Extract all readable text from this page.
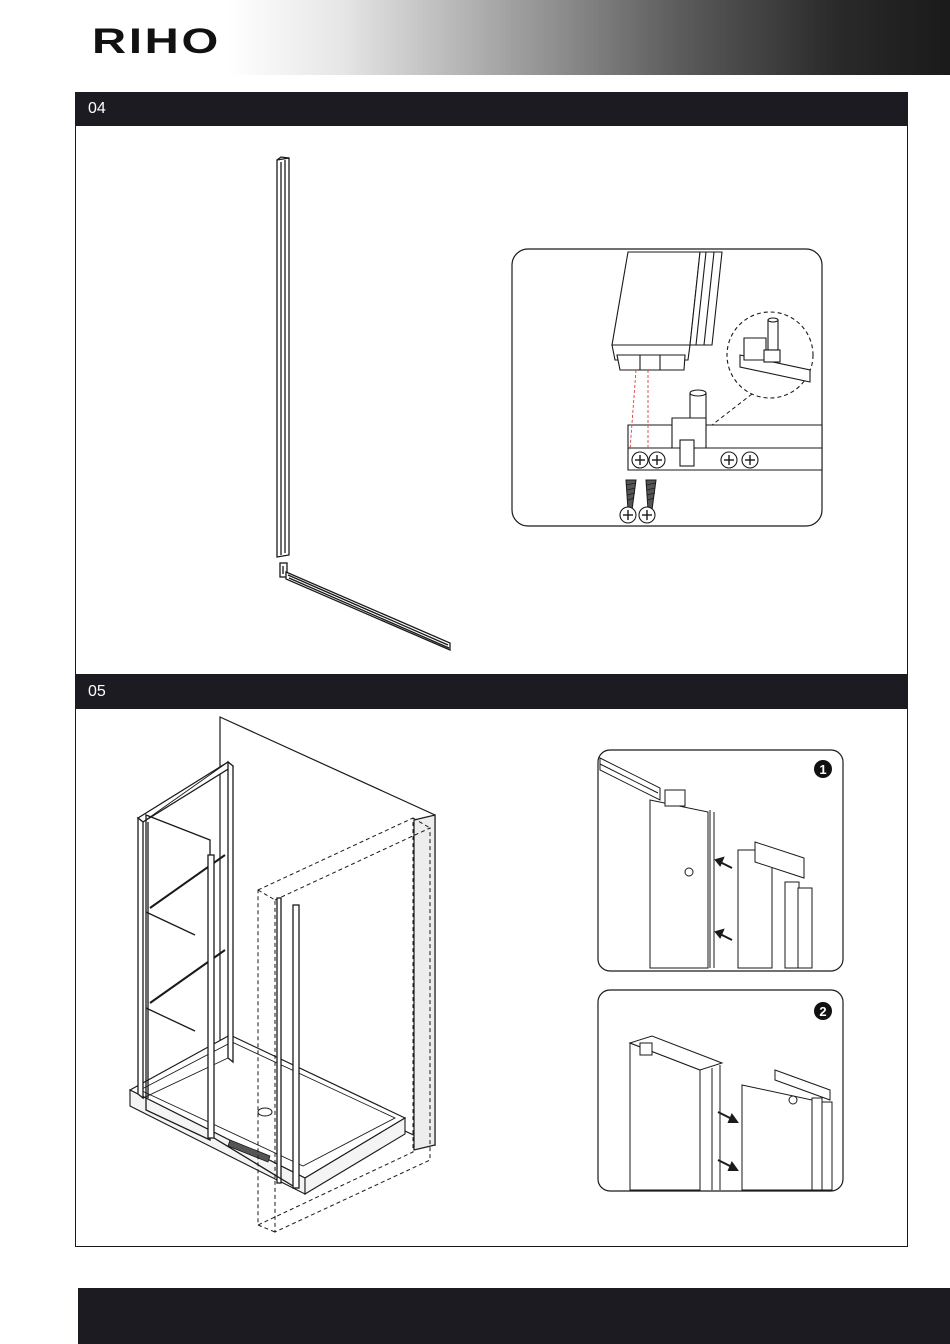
RIHO
04
05
1
2
